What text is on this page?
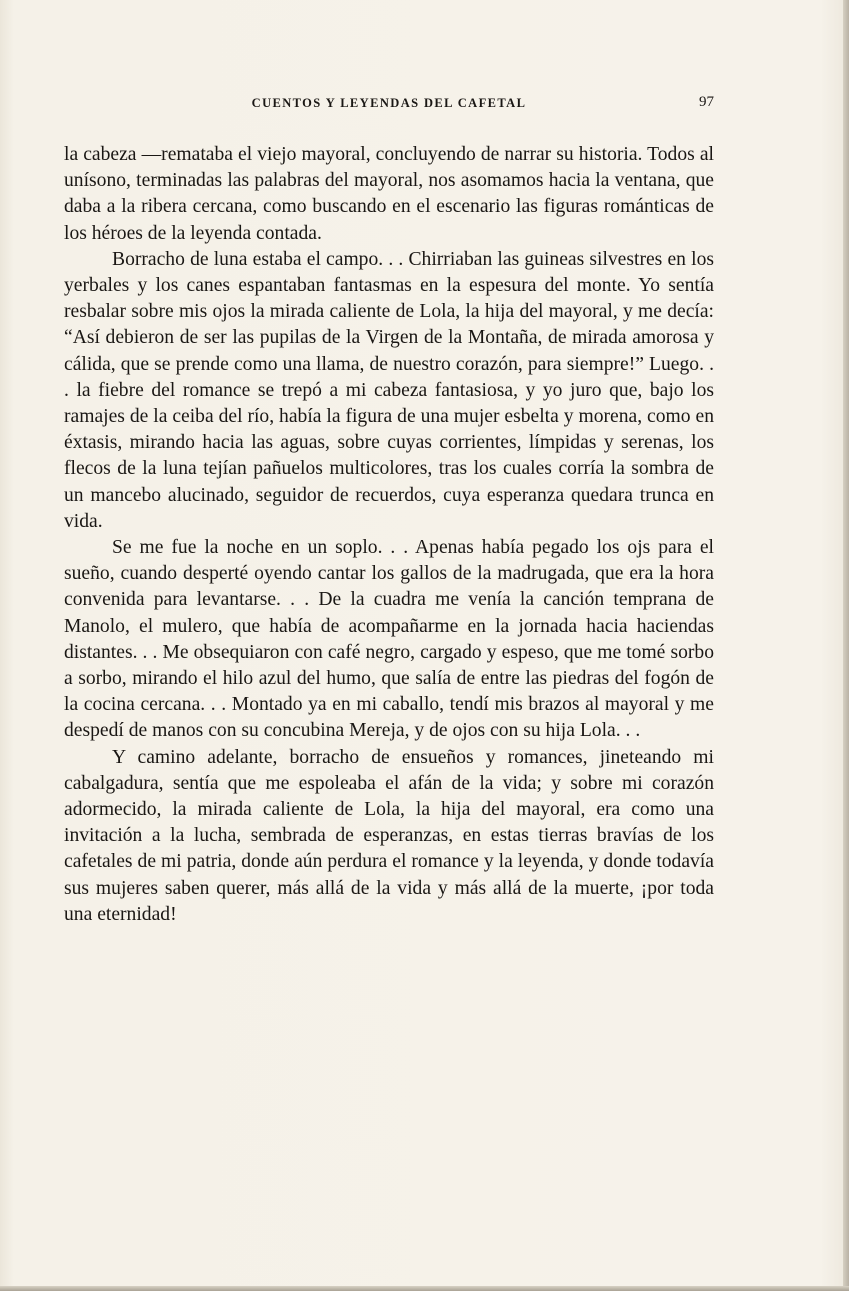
CUENTOS Y LEYENDAS DEL CAFETAL	97

la cabeza —remataba el viejo mayoral, concluyendo de narrar su historia. Todos al unísono, terminadas las palabras del mayoral, nos asomamos hacia la ventana, que daba a la ribera cercana, como buscando en el escenario las figuras románticas de los héroes de la leyenda contada.

Borracho de luna estaba el campo. . . Chirriaban las guineas silvestres en los yerbales y los canes espantaban fantasmas en la espesura del monte. Yo sentía resbalar sobre mis ojos la mirada caliente de Lola, la hija del mayoral, y me decía: “Así debieron de ser las pupilas de la Virgen de la Montaña, de mirada amorosa y cálida, que se prende como una llama, de nuestro corazón, para siempre!” Luego. . . la fiebre del romance se trepó a mi cabeza fantasiosa, y yo juro que, bajo los ramajes de la ceiba del río, había la figura de una mujer esbelta y morena, como en éxtasis, mirando hacia las aguas, sobre cuyas corrientes, límpidas y serenas, los flecos de la luna tejían pañuelos multicolores, tras los cuales corría la sombra de un mancebo alucinado, seguidor de recuerdos, cuya esperanza quedara trunca en vida.

Se me fue la noche en un soplo. . . Apenas había pegado los ojs para el sueño, cuando desperté oyendo cantar los gallos de la madrugada, que era la hora convenida para levantarse. . . De la cuadra me venía la canción temprana de Manolo, el mulero, que había de acompañarme en la jornada hacia haciendas distantes. . . Me obsequiaron con café negro, cargado y espeso, que me tomé sorbo a sorbo, mirando el hilo azul del humo, que salía de entre las piedras del fogón de la cocina cercana. . . Montado ya en mi caballo, tendí mis brazos al mayoral y me despedí de manos con su concubina Mereja, y de ojos con su hija Lola. . .

Y camino adelante, borracho de ensueños y romances, jineteando mi cabalgadura, sentía que me espoleaba el afán de la vida; y sobre mi corazón adormecido, la mirada caliente de Lola, la hija del mayoral, era como una invitación a la lucha, sembrada de esperanzas, en estas tierras bravías de los cafetales de mi patria, donde aún perdura el romance y la leyenda, y donde todavía sus mujeres saben querer, más allá de la vida y más allá de la muerte, ¡por toda una eternidad!
